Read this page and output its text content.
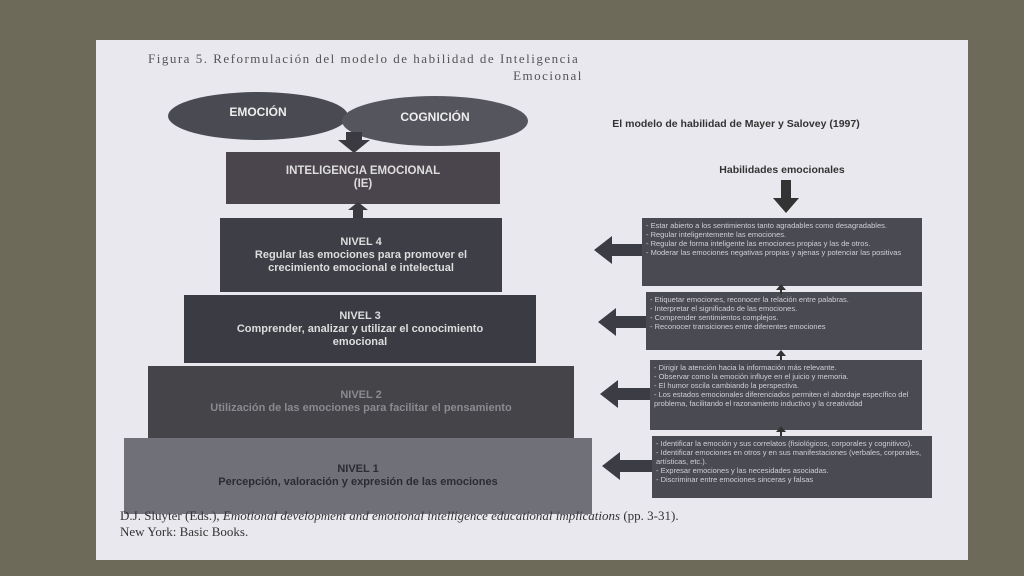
Figura 5. Reformulación del modelo de habilidad de Inteligencia
Emocional
EMOCIÓN	COGNICIÓN
INTELIGENCIA EMOCIONAL
(IE)
NIVEL 4
Regular las emociones para promover el crecimiento emocional e intelectual
NIVEL 3
Comprender, analizar y utilizar el conocimiento emocional
NIVEL 2
Utilización de las emociones para facilitar el pensamiento
NIVEL 1
Percepción, valoración y expresión de las emociones
El modelo de habilidad de Mayer y Salovey (1997)
Habilidades emocionales
- Estar abierto a los sentimientos tanto agradables como desagradables.
- Regular inteligentemente las emociones.
- Regular de forma inteligente las emociones propias y las de otros.
- Moderar las emociones negativas propias y ajenas y potenciar las positivas
- Etiquetar emociones, reconocer la relación entre palabras.
- Interpretar el significado de las emociones.
- Comprender sentimientos complejos.
- Reconocer transiciones entre diferentes emociones
- Dirigir la atención hacia la información más relevante.
- Observar como la emoción influye en el juicio y memoria.
- El humor oscila cambiando la perspectiva.
- Los estados emocionales diferenciados permiten el abordaje específico del problema, facilitando el razonamiento inductivo y la creatividad
- Identificar la emoción y sus correlatos (fisiológicos, corporales y cognitivos).
- Identificar emociones en otros y en sus manifestaciones (verbales, corporales, artísticas, etc.).
- Expresar emociones y las necesidades asociadas.
- Discriminar entre emociones sinceras y falsas
D.J. Sluyter (Eds.), Emotional development and emotional intelligence educational implications (pp. 3-31).
New York: Basic Books.
